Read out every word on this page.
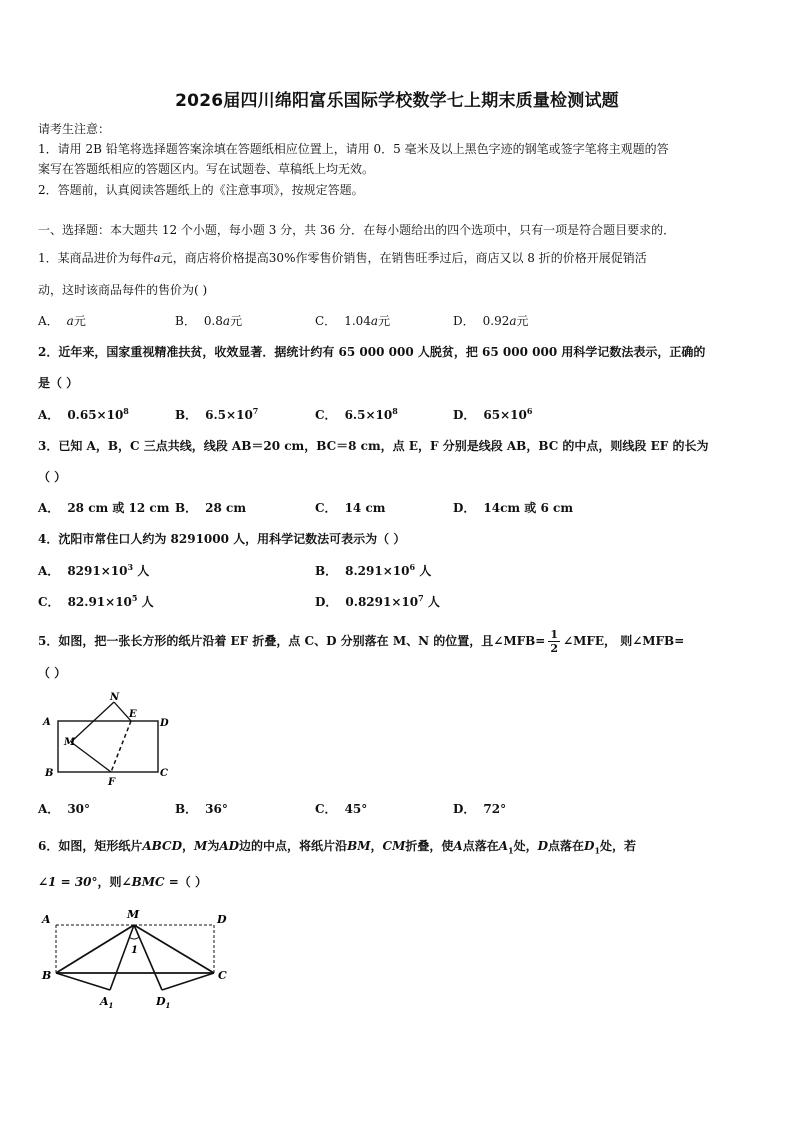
2026届四川绵阳富乐国际学校数学七上期末质量检测试题
请考生注意：
1．请用 2B 铅笔将选择题答案涂填在答题纸相应位置上，请用 0．5 毫米及以上黑色字迹的钢笔或签字笔将主观题的答
案写在答题纸相应的答题区内。写在试题卷、草稿纸上均无效。
2．答题前，认真阅读答题纸上的《注意事项》，按规定答题。
一、选择题：本大题共 12 个小题，每小题 3 分，共 36 分．在每小题给出的四个选项中，只有一项是符合题目要求的．
1．某商品进价为每件a元，商店将价格提高30%作零售价销售，在销售旺季过后，商店又以 8 折的价格开展促销活
动，这时该商品每件的售价为( )
A． a元	B． 0.8a元	C． 1.04a元	D． 0.92a元
2．近年来，国家重视精准扶贫，收效显著．据统计约有 65 000 000 人脱贫，把 65 000 000 用科学记数法表示，正确的
是（ ）
A． $0.65\times 10^8$	B． $6.5\times 10^7$	C． $6.5\times 10^8$	D． $65\times 10^6$
3．已知 A，B，C 三点共线，线段 AB＝20 cm，BC＝8 cm，点 E，F 分别是线段 AB，BC 的中点，则线段 EF 的长为
（ ）
A． 28 cm 或 12 cm B． 28 cm	C． 14 cm	D． 14cm 或 6 cm
4．沈阳市常住口人约为 8291000 人，用科学记数法可表示为（ ）
A． $8291\times 10^3$ 人	B． $8.291\times 10^6$ 人
C． $82.91\times 10^5$ 人	D． $0.8291\times 10^7$ 人
5．如图，把一张长方形的纸片沿着 EF 折叠，点 C、D 分别落在 M、N 的位置，且∠MFB= $\frac{1}{2}$ ∠MFE， 则∠MFB=
（ ）
A	D
B	C
E
F
M
N
A． 30°	B． 36°	C． 45°	D． 72°
6．如图，矩形纸片ABCD，M为AD边的中点，将纸片沿BM，CM折叠，使A点落在$A_1$处，D点落在$D_1$处，若
∠1 = 30°，则∠BMC =（ ）
A	M	D
B	C
1
$A_1$	$D_1$
